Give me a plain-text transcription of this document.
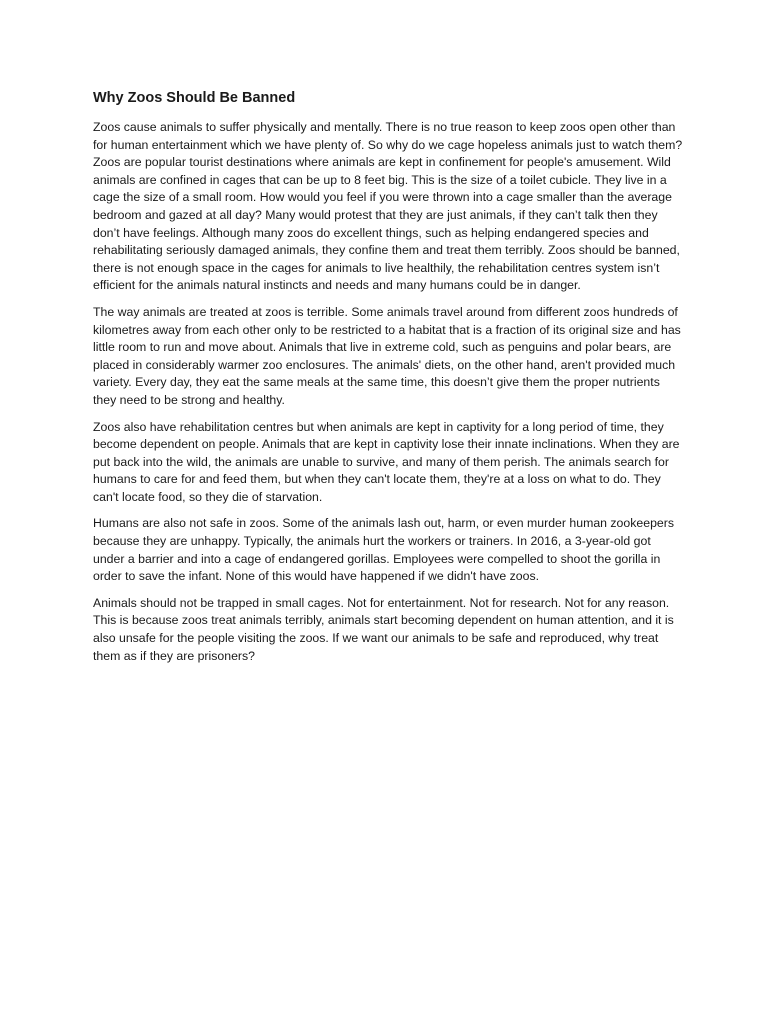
Why Zoos Should Be Banned

Zoos cause animals to suffer physically and mentally. There is no true reason to keep zoos open other than for human entertainment which we have plenty of. So why do we cage hopeless animals just to watch them? Zoos are popular tourist destinations where animals are kept in confinement for people's amusement. Wild animals are confined in cages that can be up to 8 feet big. This is the size of a toilet cubicle. They live in a cage the size of a small room. How would you feel if you were thrown into a cage smaller than the average bedroom and gazed at all day? Many would protest that they are just animals, if they can’t talk then they don’t have feelings. Although many zoos do excellent things, such as helping endangered species and rehabilitating seriously damaged animals, they confine them and treat them terribly. Zoos should be banned, there is not enough space in the cages for animals to live healthily, the rehabilitation centres system isn’t efficient for the animals natural instincts and needs and many humans could be in danger.

The way animals are treated at zoos is terrible. Some animals travel around from different zoos hundreds of kilometres away from each other only to be restricted to a habitat that is a fraction of its original size and has little room to run and move about. Animals that live in extreme cold, such as penguins and polar bears, are placed in considerably warmer zoo enclosures. The animals' diets, on the other hand, aren't provided much variety. Every day, they eat the same meals at the same time, this doesn’t give them the proper nutrients they need to be strong and healthy.

Zoos also have rehabilitation centres but when animals are kept in captivity for a long period of time, they become dependent on people. Animals that are kept in captivity lose their innate inclinations. When they are put back into the wild, the animals are unable to survive, and many of them perish. The animals search for humans to care for and feed them, but when they can't locate them, they're at a loss on what to do. They can't locate food, so they die of starvation.

Humans are also not safe in zoos. Some of the animals lash out, harm, or even murder human zookeepers because they are unhappy. Typically, the animals hurt the workers or trainers. In 2016, a 3-year-old got under a barrier and into a cage of endangered gorillas. Employees were compelled to shoot the gorilla in order to save the infant. None of this would have happened if we didn't have zoos.

Animals should not be trapped in small cages. Not for entertainment. Not for research. Not for any reason. This is because zoos treat animals terribly, animals start becoming dependent on human attention, and it is also unsafe for the people visiting the zoos. If we want our animals to be safe and reproduced, why treat them as if they are prisoners?
